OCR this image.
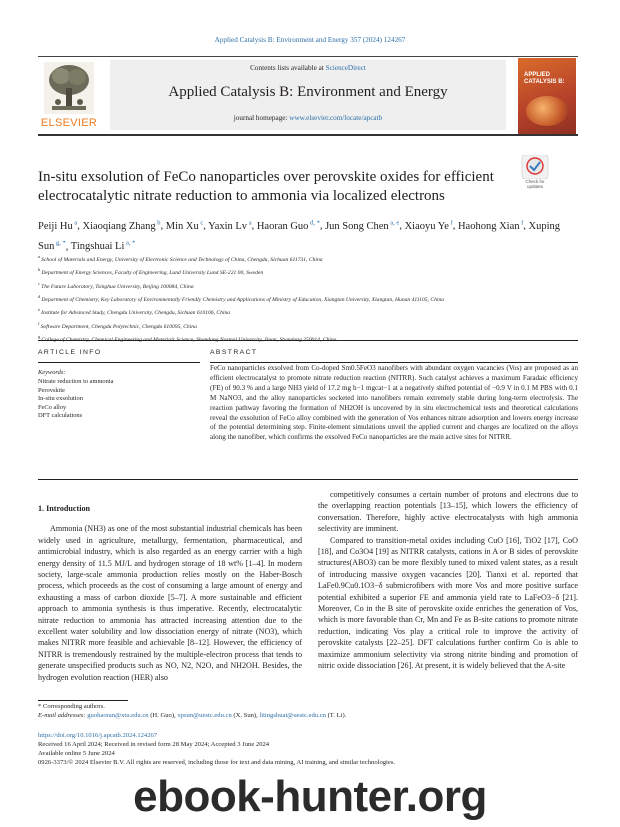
Applied Catalysis B: Environment and Energy 357 (2024) 124267
ELSEVIER
Contents lists available at ScienceDirect
Applied Catalysis B: Environment and Energy
journal homepage: www.elsevier.com/locate/apcatb
APPLIED CATALYSIS B:
In-situ exsolution of FeCo nanoparticles over perovskite oxides for efficient
electrocatalytic nitrate reduction to ammonia via localized electrons
Check for updates
Peiji Hu $^a$, Xiaoqiang Zhang $^b$, Min Xu $^c$, Yaxin Lv $^a$, Haoran Guo $^{d, *}$, Jun Song Chen $^{a, e}$, Xiaoyu Ye $^f$, Haohong Xian $^f$, Xuping Sun $^{g, *}$, Tingshuai Li $^{a, *}$
$^a$ School of Materials and Energy, University of Electronic Science and Technology of China, Chengdu, Sichuan 611731, China
$^b$ Department of Energy Sciences, Faculty of Engineering, Lund University Lund SE-221 00, Sweden
$^c$ The Future Laboratory, Tsinghua University, Beijing 100084, China
$^d$ Department of Chemistry, Key Laboratory of Environmentally Friendly Chemistry and Applications of Ministry of Education, Xiangtan University, Xiangtan, Hunan 411105, China
$^e$ Institute for Advanced Study, Chengdu University, Chengdu, Sichuan 610106, China
$^f$ Software Department, Chengdu Polytechnic, Chengdu 610095, China
$^g$ College of Chemistry, Chemical Engineering and Materials Science, Shandong Normal University, Jinan, Shandong 250014, China
ARTICLE INFO	ABSTRACT
Keywords:
Nitrate reduction to ammonia
Perovskite
In-situ exsolution
FeCo alloy
DFT calculations
FeCo nanoparticles exsolved from Co-doped Sm0.5FeO3 nanofibers with abundant oxygen vacancies (Vos) are proposed as an efficient electrocatalyst to promote nitrate reduction reaction (NITRR). Such catalyst achieves a maximum Faradaic efficiency (FE) of 90.3 % and a large NH3 yield of 17.2 mg h−1 mgcat−1 at a negatively shifted potential of −0.9 V in 0.1 M PBS with 0.1 M NaNO3, and the alloy nanoparticles socketed into nanofibers remain extremely stable during long-term electrolysis. The reaction pathway favoring the formation of NH2OH is uncovered by in situ electrochemical tests and theoretical calculations reveal the exsolution of FeCo alloy combined with the generation of Vos enhances nitrate adsorption and lowers energy increase of the potential determining step. Finite-element simulations unveil the applied current and charges are localized on the alloys along the nanofiber, which confirms the exsolved FeCo nanoparticles are the main active sites for NITRR.
1. Introduction

Ammonia (NH3) as one of the most substantial industrial chemicals has been widely used in agriculture, metallurgy, fermentation, pharmaceutical, and antimicrobial industry, which is also regarded as an energy carrier with a high energy density of 11.5 MJ/L and hydrogen storage of 18 wt% [1–4]. In modern society, large-scale ammonia production relies mostly on the Haber-Bosch process, which proceeds as the cost of consuming a large amount of energy and exhausting a mass of carbon dioxide [5–7]. A more sustainable and efficient approach to ammonia synthesis is thus imperative. Recently, electrocatalytic nitrate reduction to ammonia has attracted increasing attention due to the excellent water solubility and low dissociation energy of nitrate (NO3), which makes NITRR more feasible and achievable [8–12]. However, the efficiency of NITRR is tremendously restrained by the multiple-electron process that tends to generate unspecified products such as NO, N2, N2O, and NH2OH. Besides, the hydrogen evolution reaction (HER) also

competitively consumes a certain number of protons and electrons due to the overlapping reaction potentials [13–15], which lowers the efficiency of conversation. Therefore, highly active electrocatalysts with high ammonia selectivity are imminent.

Compared to transition-metal oxides including CuO [16], TiO2 [17], CoO [18], and Co3O4 [19] as NITRR catalysts, cations in A or B sides of perovskite structures(ABO3) can be more flexibly tuned to mixed valent states, as a result of introducing massive oxygen vacancies [20]. Tianxi et al. reported that LaFe0.9Cu0.1O3−δ submicrofibers with more Vos and more positive surface potential exhibited a superior FE and ammonia yield rate to LaFeO3−δ [21]. Moreover, Co in the B site of perovskite oxide enriches the generation of Vos, which is more favorable than Cr, Mn and Fe as B-site cations to promote nitrate reduction, indicating Vos play a critical role to improve the activity of perovskite catalysts [22–25]. DFT calculations further confirm Co is able to maximize ammonium selectivity via strong nitrite binding and promotion of nitric oxide dissociation [26]. At present, it is widely believed that the A-site

* Corresponding authors.
E-mail addresses: guohaoran@xtu.edu.cn (H. Guo), xpsun@uestc.edu.cn (X. Sun), litingshuai@uestc.edu.cn (T. Li).
https://doi.org/10.1016/j.apcatb.2024.124267
Received 16 April 2024; Received in revised form 28 May 2024; Accepted 3 June 2024
Available online 5 June 2024
0926-3373/© 2024 Elsevier B.V. All rights are reserved, including those for text and data mining, AI training, and similar technologies.
ebook-hunter.org
